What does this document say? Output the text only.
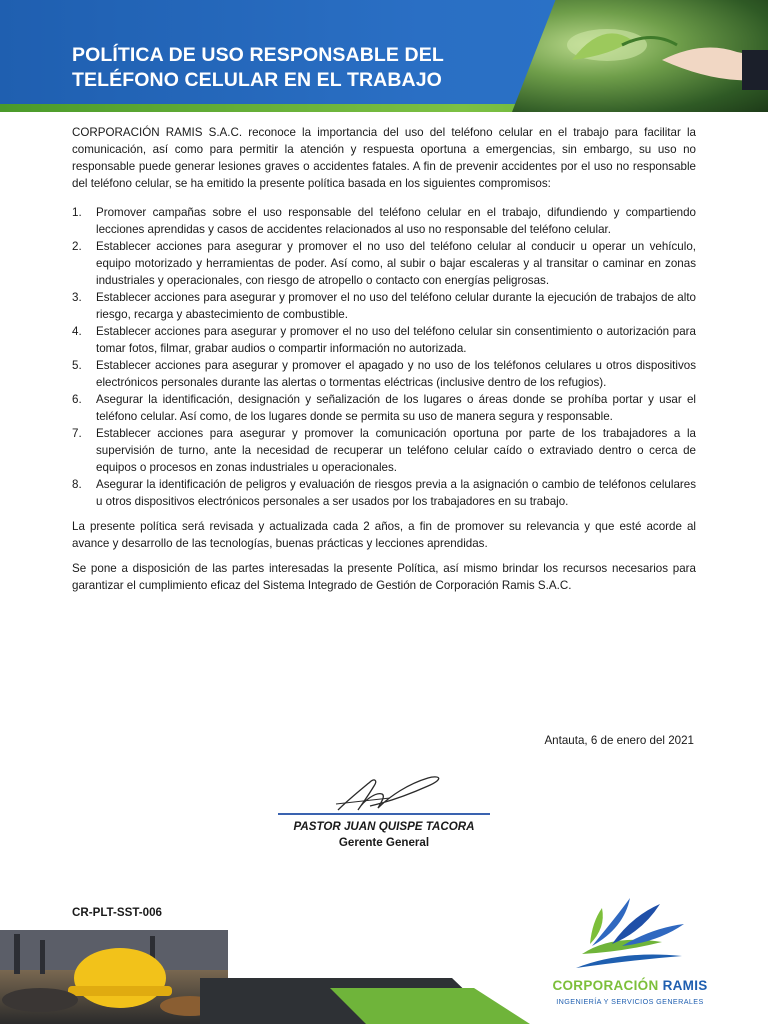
POLÍTICA DE USO RESPONSABLE DEL
TELÉFONO CELULAR EN EL TRABAJO

CORPORACIÓN RAMIS S.A.C. reconoce la importancia del uso del teléfono celular en el trabajo para facilitar la comunicación, así como para permitir la atención y respuesta oportuna a emergencias, sin embargo, su uso no responsable puede generar lesiones graves o accidentes fatales. A fin de prevenir accidentes por el uso no responsable del teléfono celular, se ha emitido la presente política basada en los siguientes compromisos:

1.	Promover campañas sobre el uso responsable del teléfono celular en el trabajo, difundiendo y compartiendo lecciones aprendidas y casos de accidentes relacionados al uso no responsable del teléfono celular.
2.	Establecer acciones para asegurar y promover el no uso del teléfono celular al conducir u operar un vehículo, equipo motorizado y herramientas de poder. Así como, al subir o bajar escaleras y al transitar o caminar en zonas industriales y operacionales, con riesgo de atropello o contacto con energías peligrosas.
3.	Establecer acciones para asegurar y promover el no uso del teléfono celular durante la ejecución de trabajos de alto riesgo, recarga y abastecimiento de combustible.
4.	Establecer acciones para asegurar y promover el no uso del teléfono celular sin consentimiento o autorización para tomar fotos, filmar, grabar audios o compartir información no autorizada.
5.	Establecer acciones para asegurar y promover el apagado y no uso de los teléfonos celulares u otros dispositivos electrónicos personales durante las alertas o tormentas eléctricas (inclusive dentro de los refugios).
6.	Asegurar la identificación, designación y señalización de los lugares o áreas donde se prohíba portar y usar el teléfono celular. Así como, de los lugares donde se permita su uso de manera segura y responsable.
7.	Establecer acciones para asegurar y promover la comunicación oportuna por parte de los trabajadores a la supervisión de turno, ante la necesidad de recuperar un teléfono celular caído o extraviado dentro o cerca de equipos o procesos en zonas industriales u operacionales.
8.	Asegurar la identificación de peligros y evaluación de riesgos previa a la asignación o cambio de teléfonos celulares u otros dispositivos electrónicos personales a ser usados por los trabajadores en su trabajo.

La presente política será revisada y actualizada cada 2 años, a fin de promover su relevancia y que esté acorde al avance y desarrollo de las tecnologías, buenas prácticas y lecciones aprendidas.

Se pone a disposición de las partes interesadas la presente Política, así mismo brindar los recursos necesarios para garantizar el cumplimiento eficaz del Sistema Integrado de Gestión de Corporación Ramis S.A.C.

Antauta, 6 de enero del 2021
PASTOR JUAN QUISPE TACORA
Gerente General
CR-PLT-SST-006
CORPORACIÓN RAMIS
INGENIERÍA Y SERVICIOS GENERALES
